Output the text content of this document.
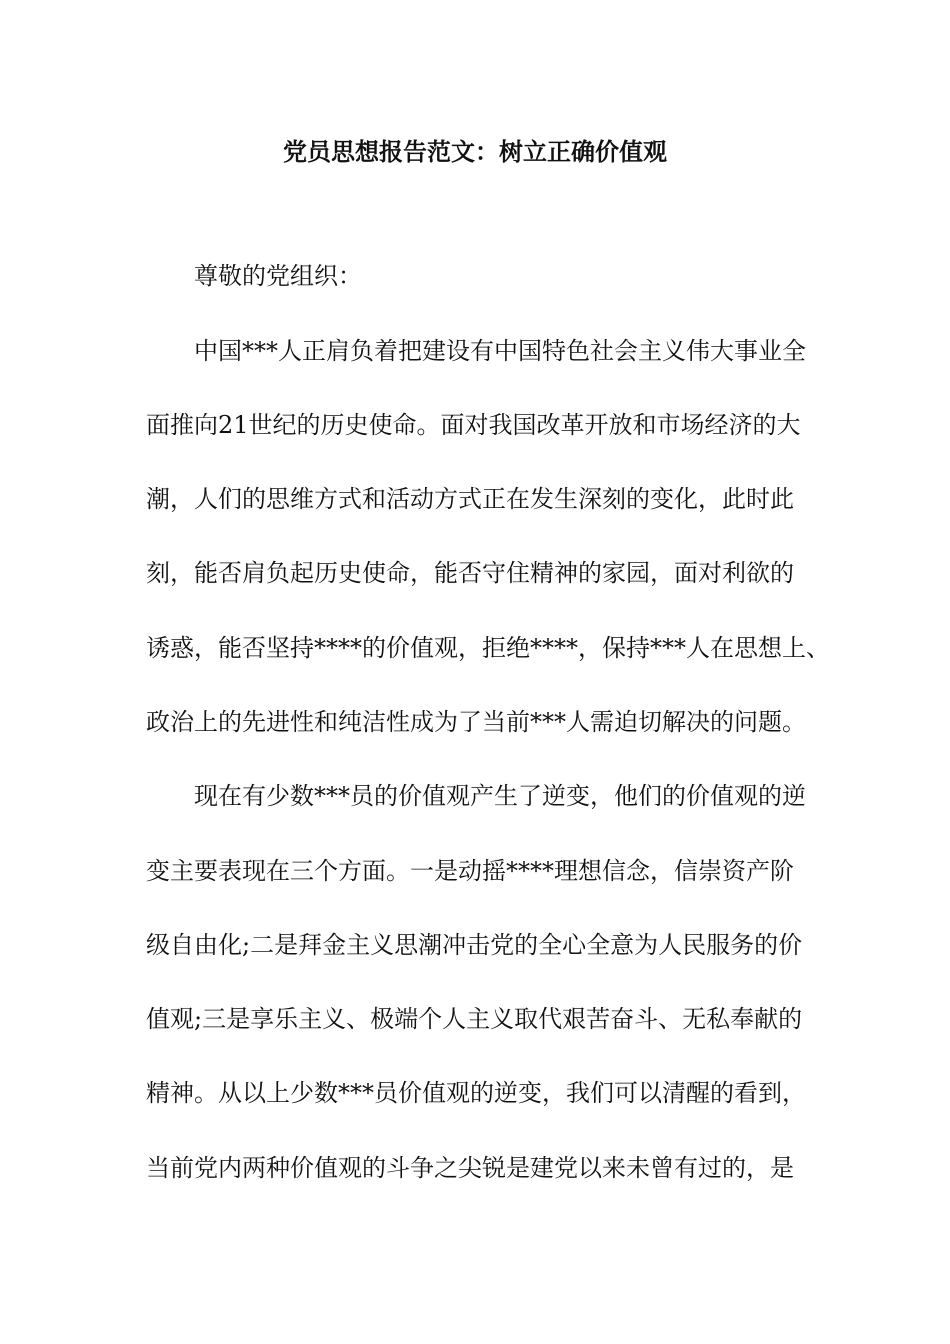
党员思想报告范文：树立正确价值观
尊敬的党组织：
中国***人正肩负着把建设有中国特色社会主义伟大事业全
面推向21世纪的历史使命。面对我国改革开放和市场经济的大
潮，人们的思维方式和活动方式正在发生深刻的变化，此时此
刻，能否肩负起历史使命，能否守住精神的家园，面对利欲的
诱惑，能否坚持****的价值观，拒绝****，保持***人在思想上、
政治上的先进性和纯洁性成为了当前***人需迫切解决的问题。
现在有少数***员的价值观产生了逆变，他们的价值观的逆
变主要表现在三个方面。一是动摇****理想信念，信崇资产阶
级自由化;二是拜金主义思潮冲击党的全心全意为人民服务的价
值观;三是享乐主义、极端个人主义取代艰苦奋斗、无私奉献的
精神。从以上少数***员价值观的逆变，我们可以清醒的看到，
当前党内两种价值观的斗争之尖锐是建党以来未曾有过的，是
